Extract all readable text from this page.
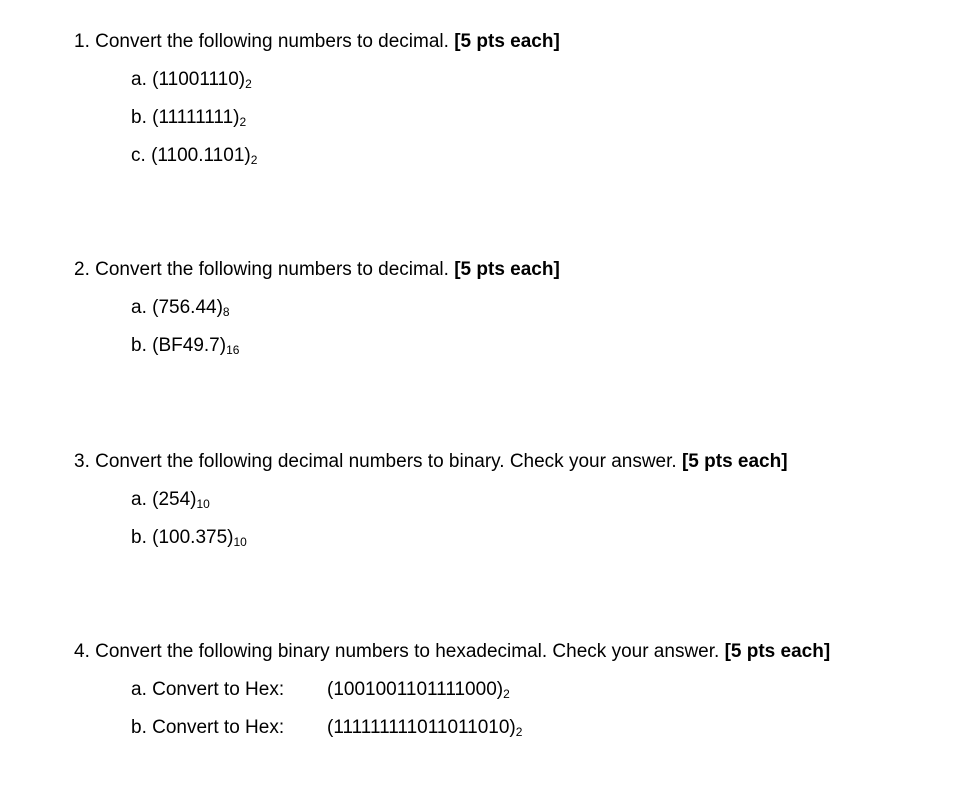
1. Convert the following numbers to decimal. [5 pts each]
a. $(11001110)_2$
b. $(11111111)_2$
c. $(1100.1101)_2$
2. Convert the following numbers to decimal. [5 pts each]
a. $(756.44)_8$
b. $(BF49.7)_{16}$
3. Convert the following decimal numbers to binary. Check your answer. [5 pts each]
a. $(254)_{10}$
b. $(100.375)_{10}$
4. Convert the following binary numbers to hexadecimal. Check your answer. [5 pts each]
a. Convert to Hex: $(1001001101111000)_2$
b. Convert to Hex: $(111111111011011010)_2$
